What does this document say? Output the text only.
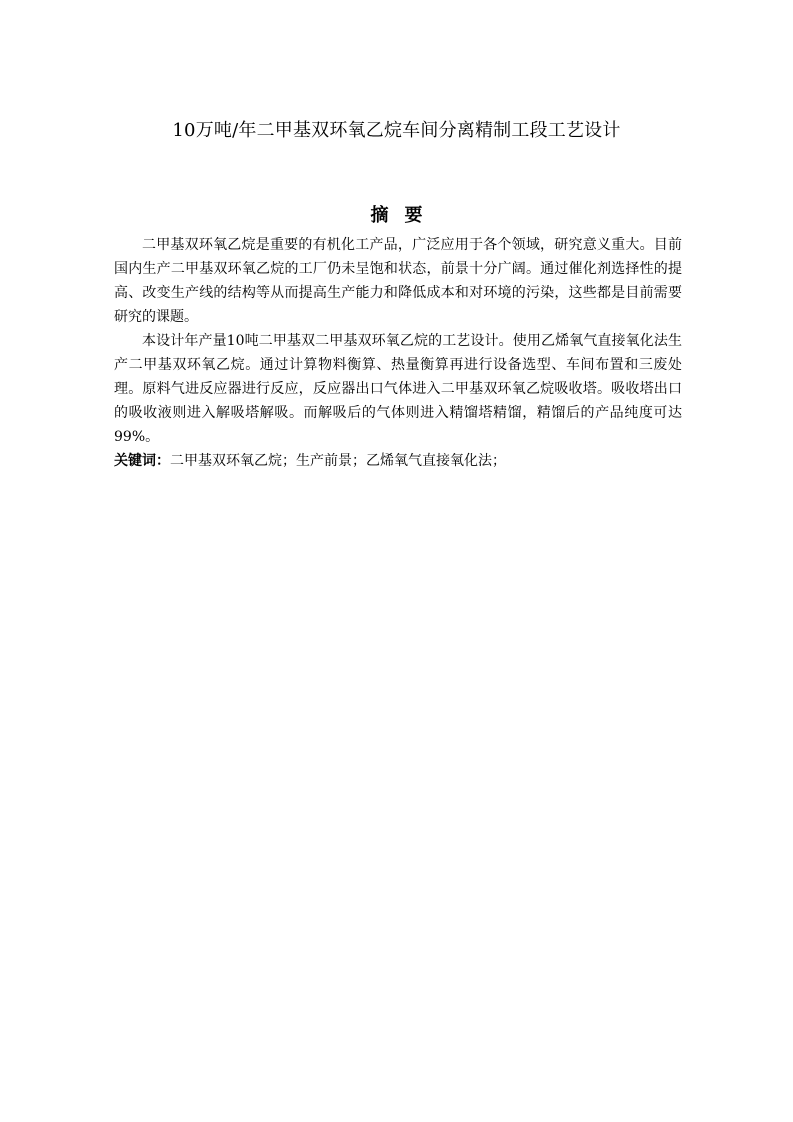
10万吨/年二甲基双环氧乙烷车间分离精制工段工艺设计
摘要

二甲基双环氧乙烷是重要的有机化工产品，广泛应用于各个领域，研究意义重大。目前国内生产二甲基双环氧乙烷的工厂仍未呈饱和状态，前景十分广阔。通过催化剂选择性的提高、改变生产线的结构等从而提高生产能力和降低成本和对环境的污染，这些都是目前需要研究的课题。

本设计年产量10吨二甲基双二甲基双环氧乙烷的工艺设计。使用乙烯氧气直接氧化法生产二甲基双环氧乙烷。通过计算物料衡算、热量衡算再进行设备选型、车间布置和三废处理。原料气进反应器进行反应，反应器出口气体进入二甲基双环氧乙烷吸收塔。吸收塔出口的吸收液则进入解吸塔解吸。而解吸后的气体则进入精馏塔精馏，精馏后的产品纯度可达99%。

关键词：二甲基双环氧乙烷；生产前景；乙烯氧气直接氧化法；
